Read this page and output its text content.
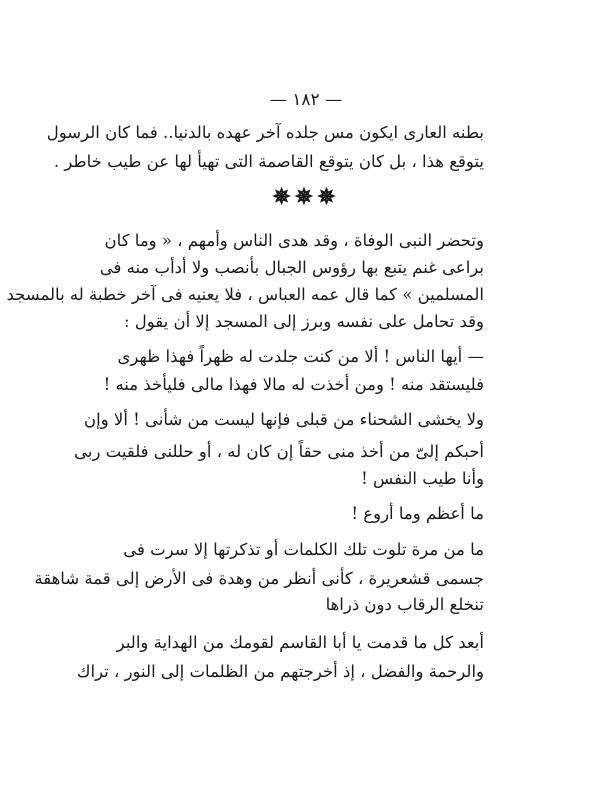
— ١٨٢ —
بطنه العارى ايكون مس جلده آخر عهده بالدنيا.. فما كان الرسول
يتوقع هذا ، بل كان يتوقع القاصمة التى تهيأ لها عن طيب خاطر .
✵✵✵
وتحضر النبى الوفاة ، وقد هدى الناس وأمهم ، « وما كان
براعى غنم يتبع بها رؤوس الجبال بأنصب ولا أدأب منه فى
المسلمين » كما قال عمه العباس ، فلا يعنيه فى آخر خطبة له بالمسجد
وقد تحامل على نفسه وبرز إلى المسجد إلا أن يقول :
— أيها الناس ! ألا من كنت جلدت له ظهراً فهذا ظهرى
فليستقد منه ! ومن أخذت له مالا فهذا مالى فليأخذ منه !
ولا يخشى الشحناء من قبلى فإنها ليست من شأنى ! ألا وإن
أحبكم إلىّ من أخذ منى حقاً إن كان له ، أو حللنى فلقيت ربى
وأنا طيب النفس !
ما أعظم وما أروع !
ما من مرة تلوت تلك الكلمات أو تذكرتها إلا سرت فى
جسمى قشعريرة ، كأنى أنظر من وهدة فى الأرض إلى قمة شاهقة
تنخلع الرقاب دون ذراها
أبعد كل ما قدمت يا أبا القاسم لقومك من الهداية والبر
والرحمة والفضل ، إذ أخرجتهم من الظلمات إلى النور ، تراك
